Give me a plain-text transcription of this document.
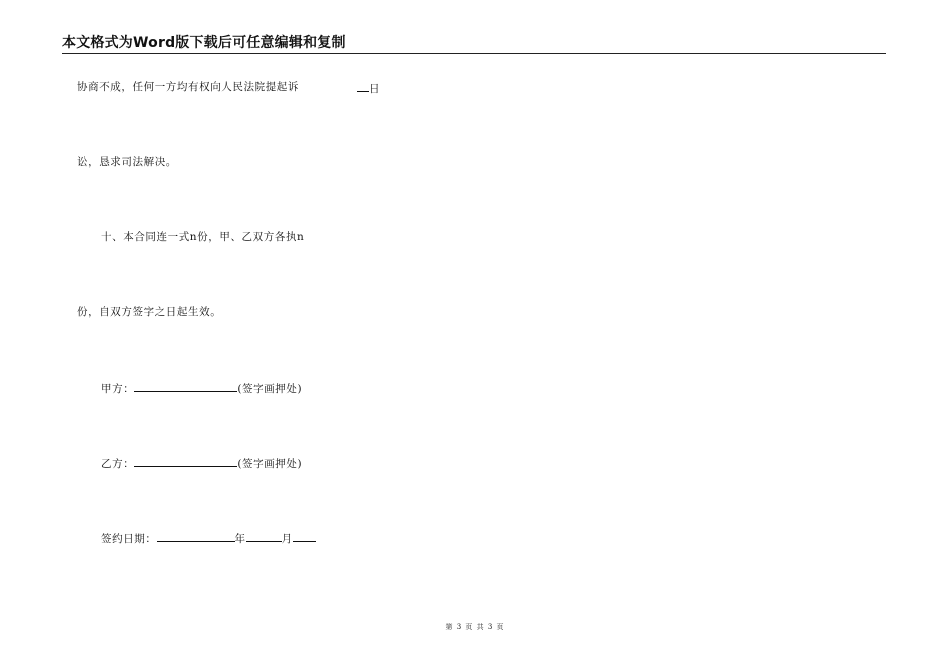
本文格式为Word版下载后可任意编辑和复制
协商不成，任何一方均有权向人民法院提起诉	日
讼，恳求司法解决。
十、本合同连一式n份，甲、乙双方各执n
份，自双方签字之日起生效。
甲方：	(签字画押处)
乙方：	(签字画押处)
签约日期：	年	月
第 3 页 共 3 页
